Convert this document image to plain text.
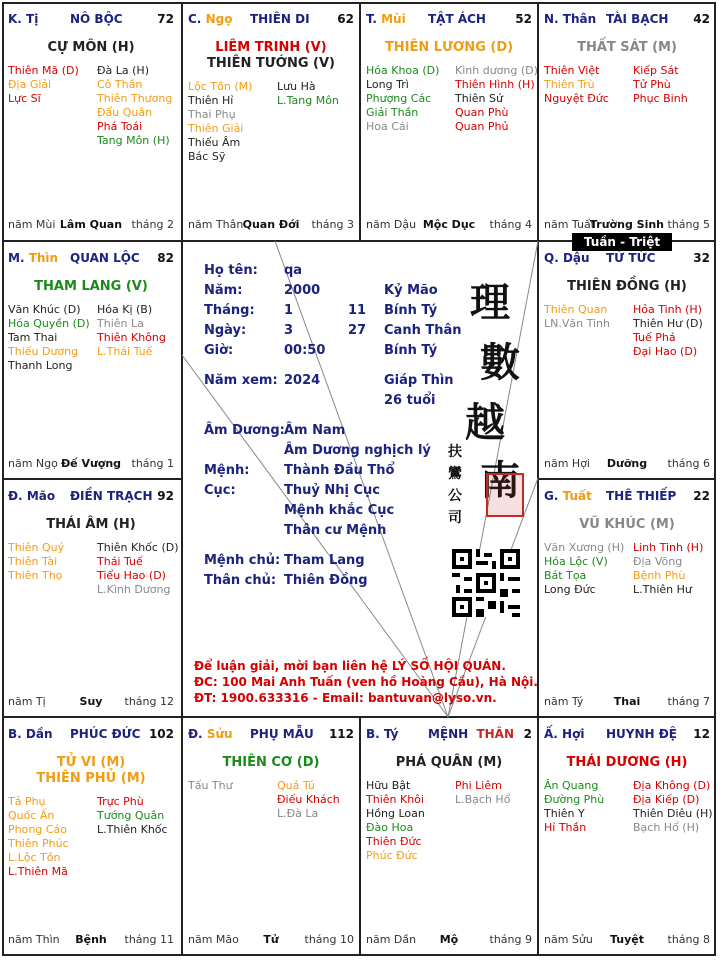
K. Tị	NÔ BỘC	72
CỰ MÔN (H)
Thiên Mã (D)
Địa Giải
Lực Sĩ
Đà La (H)
Cô Thần
Thiên Thương
Đẩu Quân
Phá Toái
Tang Môn (H)
năm Mùi Lâm Quan tháng 2
C. Ngọ THIÊN DI 62
LIÊM TRINH (V)
THIÊN TƯỚNG (V)
Lộc Tồn (M)
Thiên Hỉ
Thai Phụ
Thiên Giải
Thiếu Âm
Bác Sỹ
Lưu Hà
L.Tang Môn
năm Thân Quan Đới	tháng 3
T. Mùi TẬT ÁCH 52
THIÊN LƯƠNG (D)
Hóa Khoa (D)
Long Trì
Phượng Các
Giải Thần
Hoa Cái
Kình dương (D)
Thiên Hình (H)
Thiên Sứ
Quan Phù
Quan Phủ
năm Dậu Mộc Dục	tháng 4
N. Thân TÀI BẠCH 42
THẤT SÁT (M)
Thiên Việt
Thiên Trù
Nguyệt Đức
Kiếp Sát
Tử Phù
Phục Binh
năm Tuất
Trường Sinh tháng 5
M. Thìn QUAN LỘC 82
THAM LANG (V)
Văn Khúc (D)
Hóa Quyền (D)
Tam Thai
Thiếu Dương
Thanh Long
Hóa Kị (B)
Thiên La
Thiên Không
L.Thái Tuế
năm Ngọ Đế Vượng tháng 1
Q. Dậu TỬ TỨC	32
THIÊN ĐỒNG (H)
Thiên Quan
LN.Văn Tinh
Hỏa Tinh (H)
Thiên Hư (D)
Tuế Phá
Đại Hao (D)
năm Hợi	Dưỡng	tháng 6
Đ. Mão ĐIỀN TRẠCH 92
THÁI ÂM (H)
Thiên Quý
Thiên Tài
Thiên Thọ
Thiên Khốc (D)
Thái Tuế
Tiểu Hao (D)
L.Kình Dương
năm Tị	Suy	tháng 12
G. Tuất THÊ THIẾP 22
VŨ KHÚC (M)
Văn Xương (H)
Hóa Lộc (V)
Bát Tọa
Long Đức
Linh Tinh (H)
Địa Võng
Bệnh Phù
L.Thiên Hư
năm Tý	Thai	tháng 7
B. Dần PHÚC ĐỨC 102
TỬ VI (M)
THIÊN PHỦ (M)
Tả Phụ
Quốc Ấn
Phong Cáo
Thiên Phúc
L.Lộc Tồn
L.Thiên Mã
Trực Phù
Tướng Quân
L.Thiên Khốc
năm Thìn	Bệnh	tháng 11
Đ. Sửu PHỤ MẪU 112
THIÊN CƠ (D)
Tấu Thư	Quả Tú
Điếu Khách
L.Đà La
năm Mão	Tử	tháng 10
B. Tý MỆNH THÂN 2
PHÁ QUÂN (M)
Hữu Bật
Thiên Khôi
Hồng Loan
Đào Hoa
Thiên Đức
Phúc Đức
Phi Liêm
L.Bạch Hổ
năm Dần	Mộ	tháng 9
Ấ. Hợi HUYNH ĐỆ 12
THÁI DƯƠNG (H)
Ân Quang
Đường Phù
Thiên Y
Hỉ Thần
Địa Không (D)
Địa Kiếp (D)
Thiên Diêu (H)
Bạch Hổ (H)
năm Sửu	Tuyệt	tháng 8
Tuần - Triệt
Họ tên: qa
Năm:	2000	Kỷ Mão
Tháng: 1	11 Bính Tý
Ngày:	3	27 Canh Thân
Giờ:	00:50	Bính Tý
Năm xem: 2024	Giáp Thìn
26 tuổi
Âm Dương: Âm Nam
Âm Dương nghịch lý
Mệnh:	Thành Đầu Thổ
Cục:	Thuỷ Nhị Cục
Mệnh khắc Cục
Thân cư Mệnh
Mệnh chủ: Tham Lang
Thân chủ: Thiên Đồng
理
數
越
南
扶
鸞
公
司
Để luận giải, mời bạn liên hệ LÝ SỐ HỘI QUÁN.
ĐC: 100 Mai Anh Tuấn (ven hồ Hoàng Cầu), Hà Nội.
ĐT: 1900.633316 - Email: bantuvan@lyso.vn.
